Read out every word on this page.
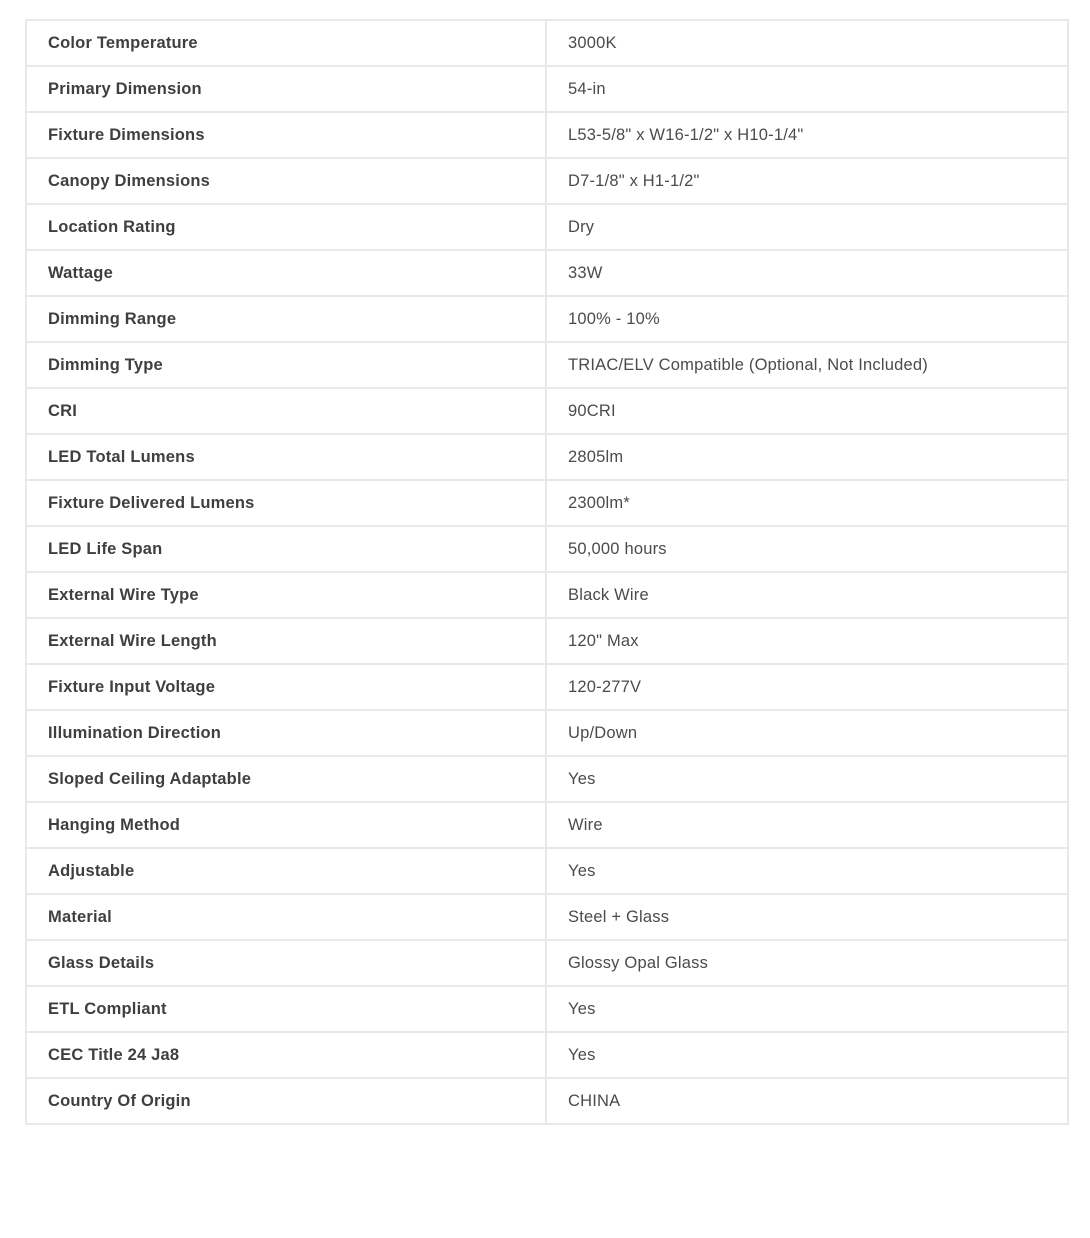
Color Temperature	3000K
Primary Dimension	54-in
Fixture Dimensions	L53-5/8" x W16-1/2" x H10-1/4"
Canopy Dimensions	D7-1/8" x H1-1/2"
Location Rating	Dry
Wattage	33W
Dimming Range	100% - 10%
Dimming Type	TRIAC/ELV Compatible (Optional, Not Included)
CRI	90CRI
LED Total Lumens	2805lm
Fixture Delivered Lumens	2300lm*
LED Life Span	50,000 hours
External Wire Type	Black Wire
External Wire Length	120" Max
Fixture Input Voltage	120-277V
Illumination Direction	Up/Down
Sloped Ceiling Adaptable	Yes
Hanging Method	Wire
Adjustable	Yes
Material	Steel + Glass
Glass Details	Glossy Opal Glass
ETL Compliant	Yes
CEC Title 24 Ja8	Yes
Country Of Origin	CHINA
